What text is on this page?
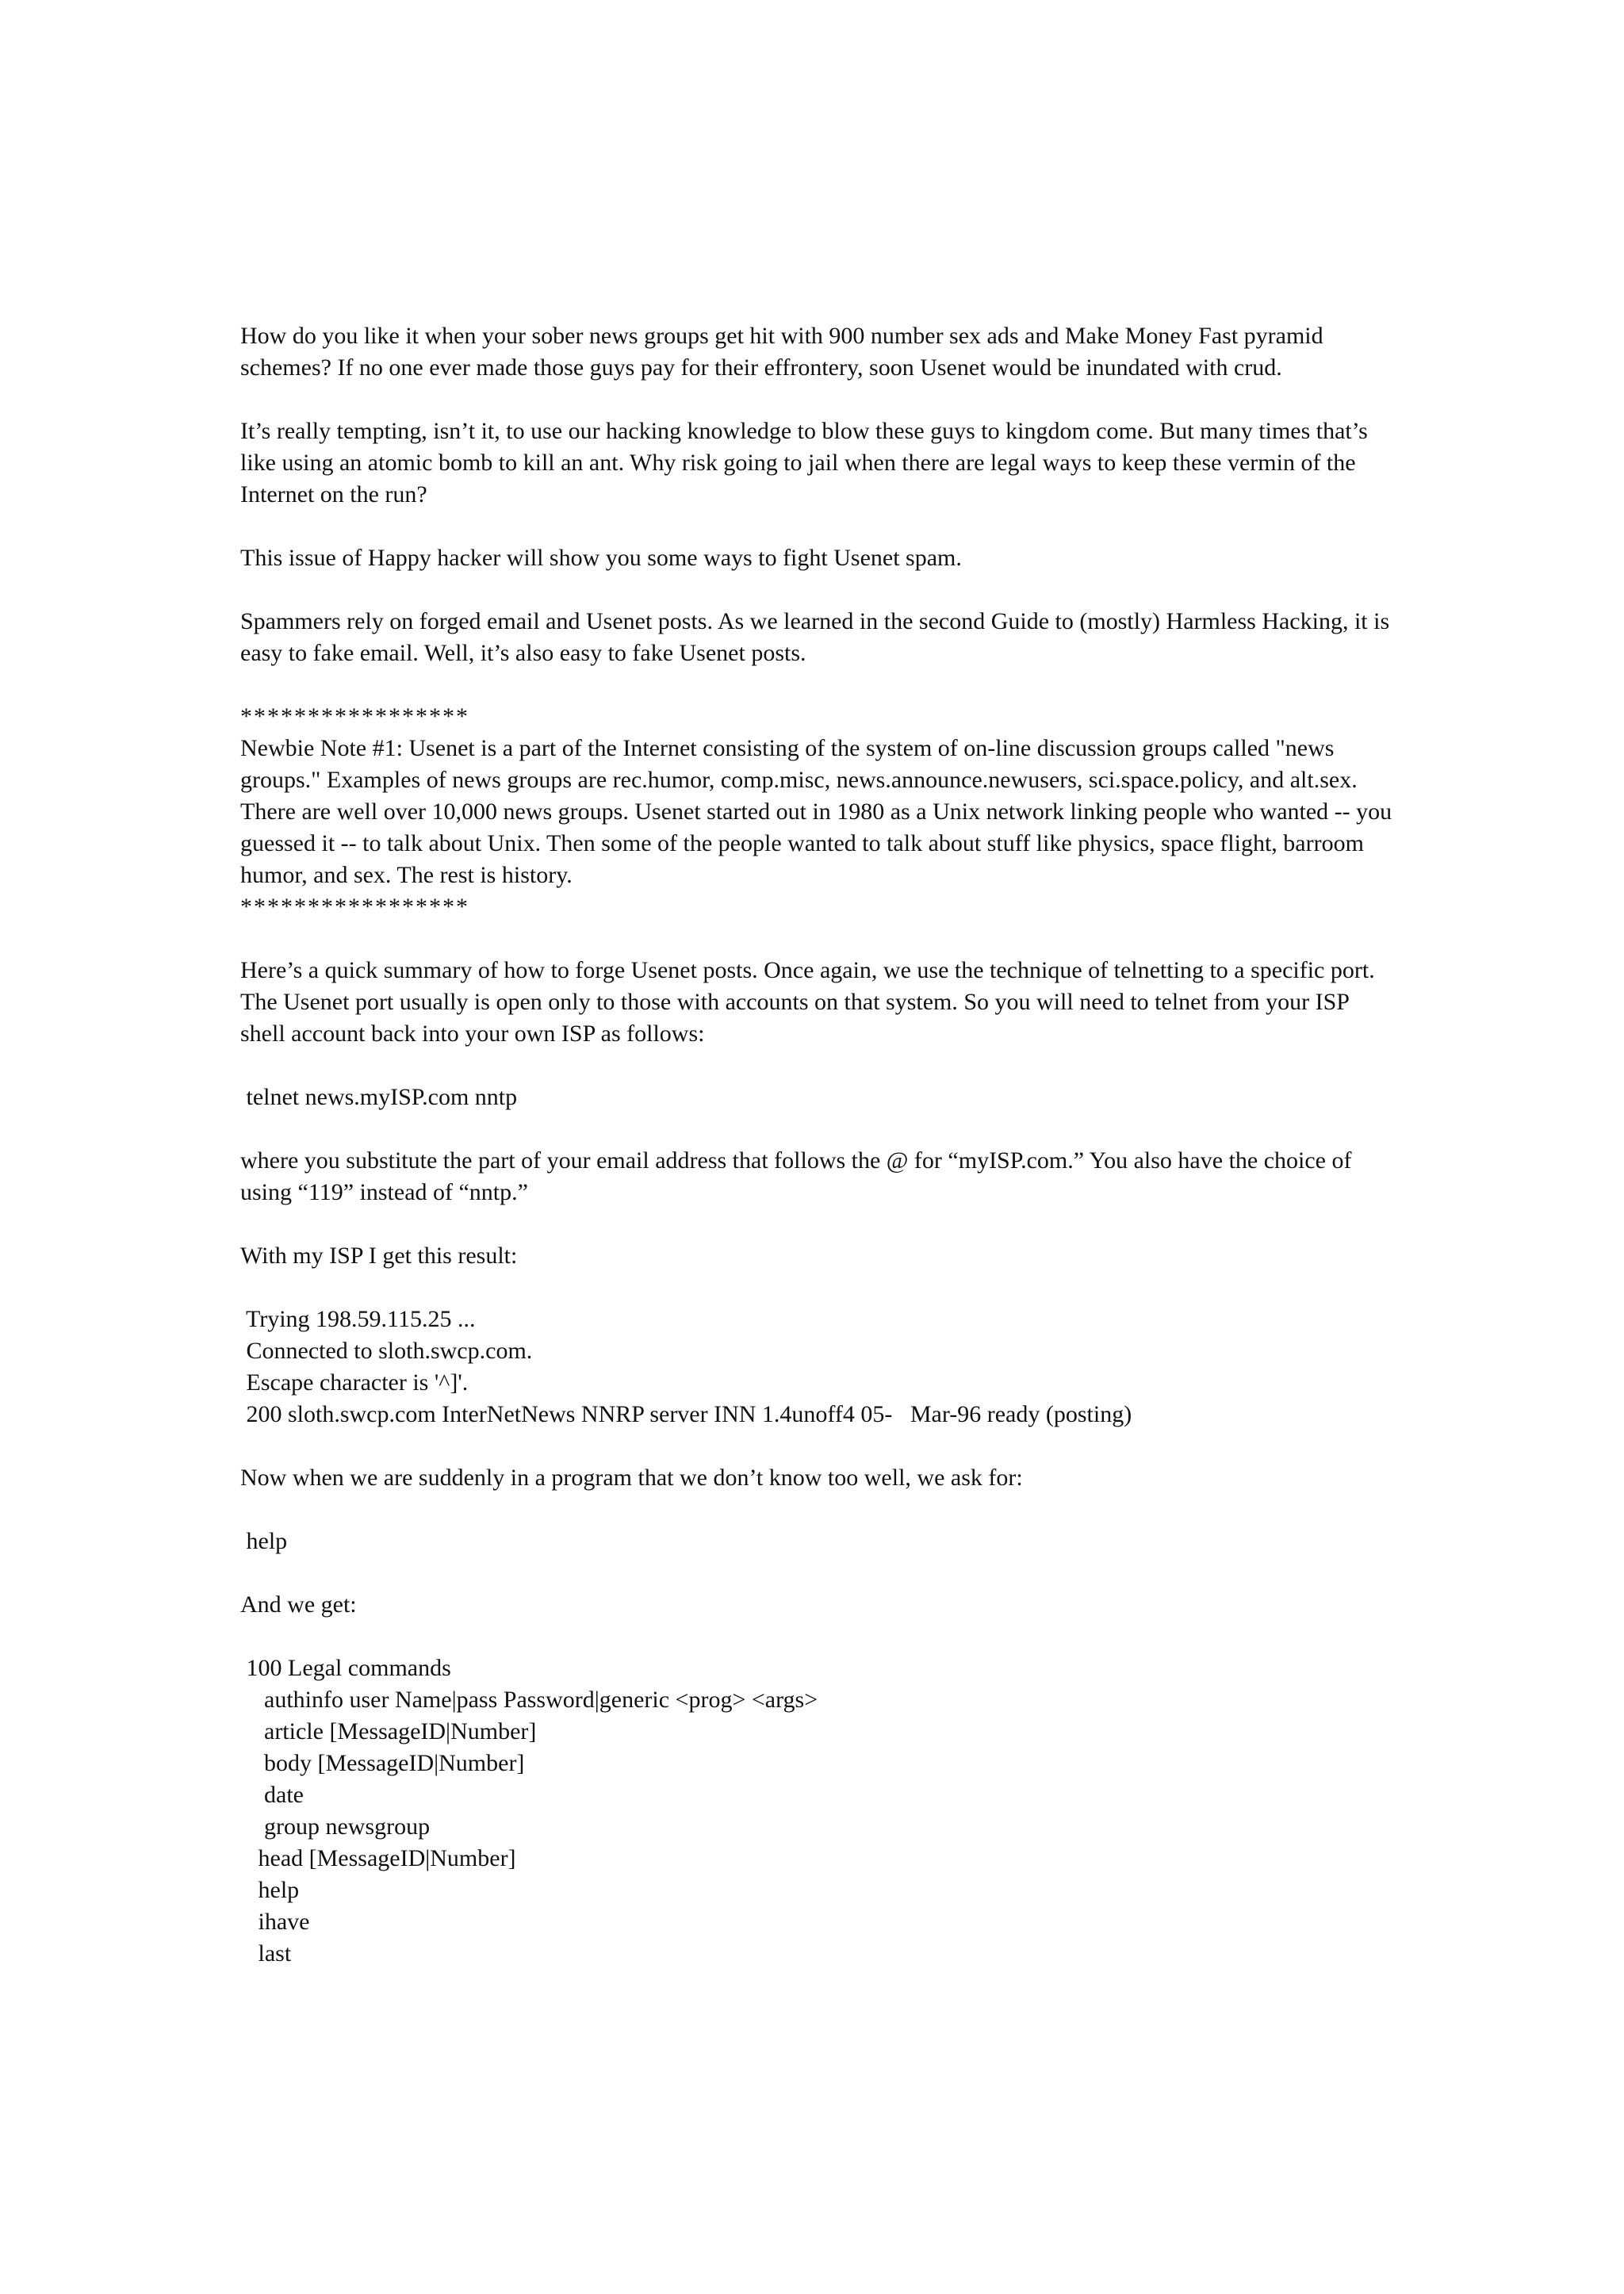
How do you like it when your sober news groups get hit with 900 number sex ads and Make Money Fast pyramid schemes? If no one ever made those guys pay for their effrontery, soon Usenet would be inundated with crud.

It’s really tempting, isn’t it, to use our hacking knowledge to blow these guys to kingdom come. But many times that’s like using an atomic bomb to kill an ant. Why risk going to jail when there are legal ways to keep these vermin of the Internet on the run?

This issue of Happy hacker will show you some ways to fight Usenet spam.

Spammers rely on forged email and Usenet posts. As we learned in the second Guide to (mostly) Harmless Hacking, it is easy to fake email. Well, it’s also easy to fake Usenet posts.

*****************
Newbie Note #1: Usenet is a part of the Internet consisting of the system of on-line discussion groups called "news groups." Examples of news groups are rec.humor, comp.misc, news.announce.newusers, sci.space.policy, and alt.sex. There are well over 10,000 news groups. Usenet started out in 1980 as a Unix network linking people who wanted -- you guessed it -- to talk about Unix. Then some of the people wanted to talk about stuff like physics, space flight, barroom humor, and sex. The rest is history.
*****************

Here’s a quick summary of how to forge Usenet posts. Once again, we use the technique of telnetting to a specific port. The Usenet port usually is open only to those with accounts on that system. So you will need to telnet from your ISP shell account back into your own ISP as follows:

telnet news.myISP.com nntp

where you substitute the part of your email address that follows the @ for “myISP.com.” You also have the choice of using “119” instead of “nntp.”

With my ISP I get this result:

Trying 198.59.115.25 ...
Connected to sloth.swcp.com.
Escape character is '^]'.
200 sloth.swcp.com InterNetNews NNRP server INN 1.4unoff4 05-   Mar-96 ready (posting)

Now when we are suddenly in a program that we don’t know too well, we ask for:

help

And we get:

100 Legal commands
authinfo user Name|pass Password|generic <prog> <args>
article [MessageID|Number]
body [MessageID|Number]
date
group newsgroup
head [MessageID|Number]
help
ihave
last
